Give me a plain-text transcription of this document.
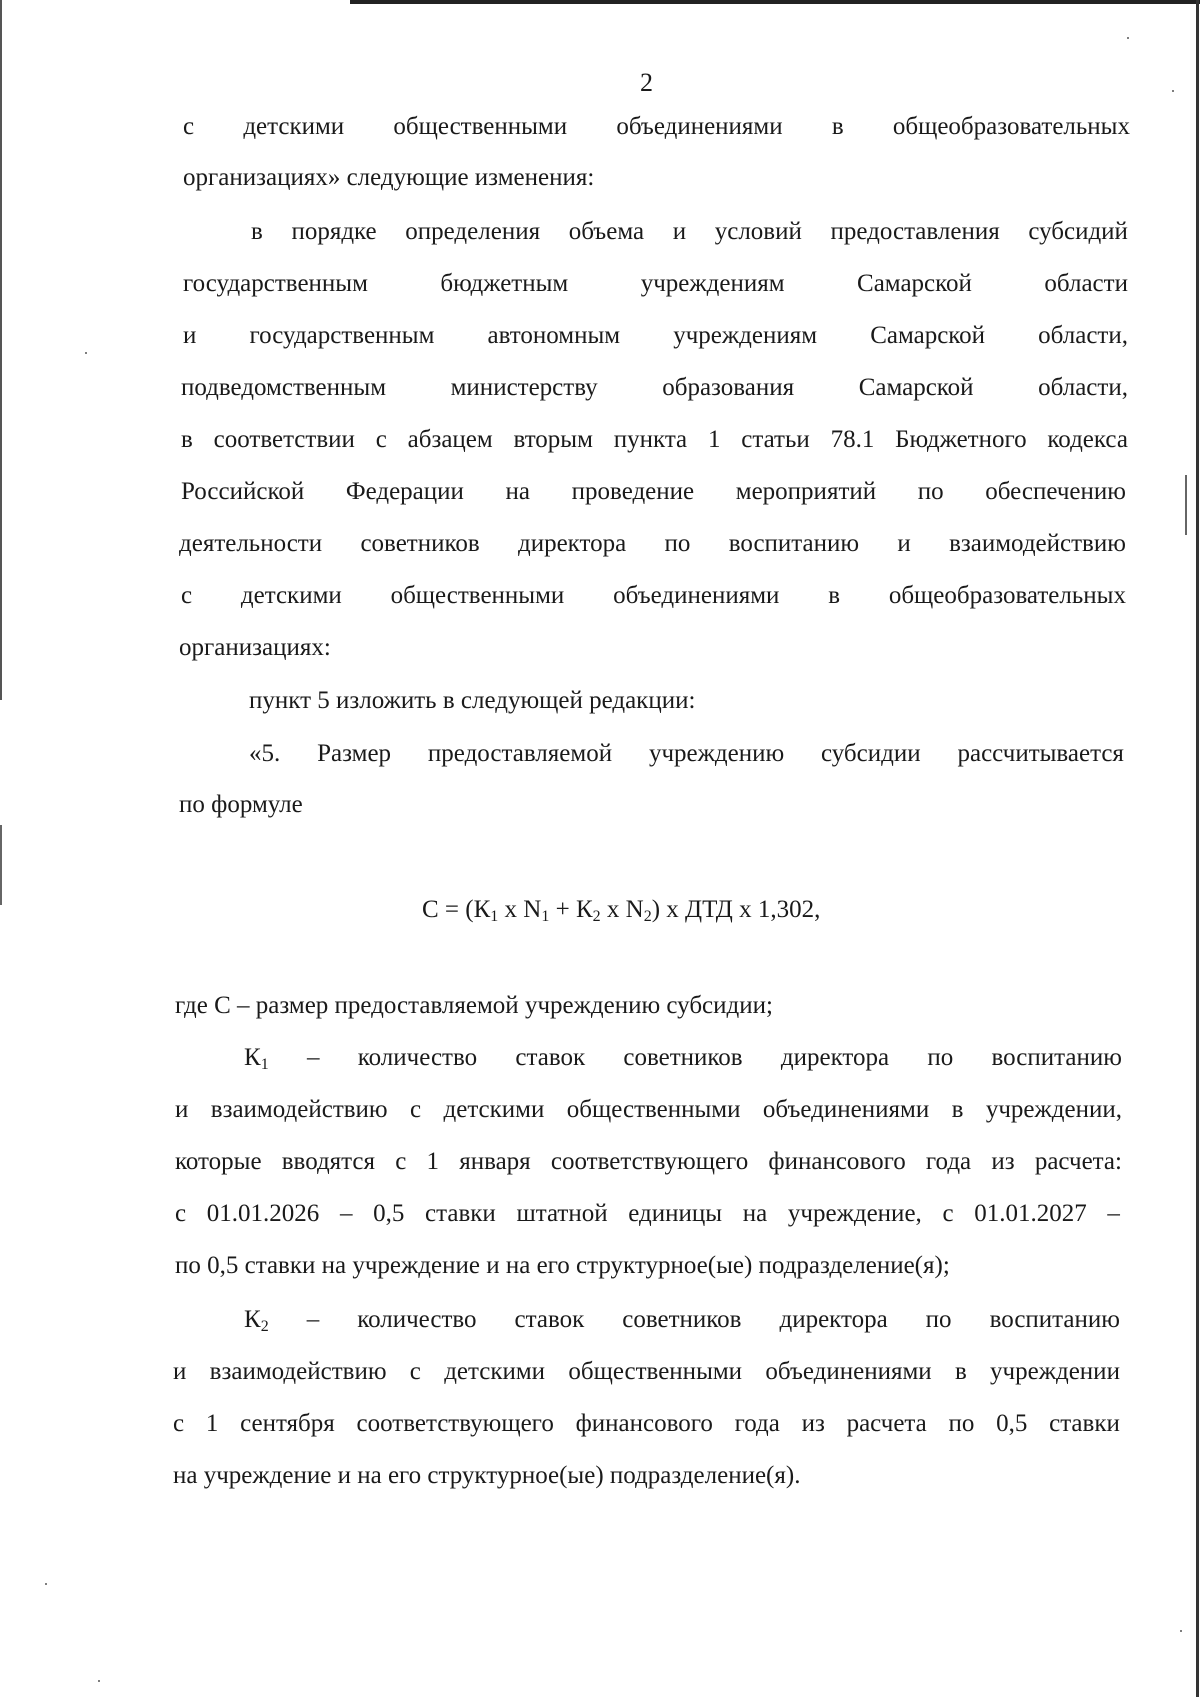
2
с детскими общественными объединениями в общеобразовательных
организациях» следующие изменения:
в порядке определения объема и условий предоставления субсидий
государственным	бюджетным	учреждениям	Самарской	области
и государственным автономным учреждениям Самарской области,
подведомственным	министерству	образования	Самарской	области,
в соответствии с абзацем вторым пункта 1 статьи 78.1 Бюджетного кодекса
Российской Федерации на проведение мероприятий по обеспечению
деятельности советников директора по воспитанию и взаимодействию
с детскими общественными объединениями в общеобразовательных
организациях:
пункт 5 изложить в следующей редакции:
«5. Размер предоставляемой учреждению субсидии рассчитывается
по формуле
$С = (К_1$ х $N_1 + К_2$ х $N_2$) х ДТД х 1,302,
где С – размер предоставляемой учреждению субсидии;
$К_1$ – количество ставок советников директора по воспитанию
и взаимодействию с детскими общественными объединениями в учреждении,
которые вводятся с 1 января соответствующего финансового года из расчета:
с 01.01.2026 – 0,5 ставки штатной единицы на учреждение, с 01.01.2027 –
по 0,5 ставки на учреждение и на его структурное(ые) подразделение(я);
$К_2$ – количество ставок советников директора по воспитанию
и взаимодействию с детскими общественными объединениями в учреждении
с 1 сентября соответствующего финансового года из расчета по 0,5 ставки
на учреждение и на его структурное(ые) подразделение(я).
